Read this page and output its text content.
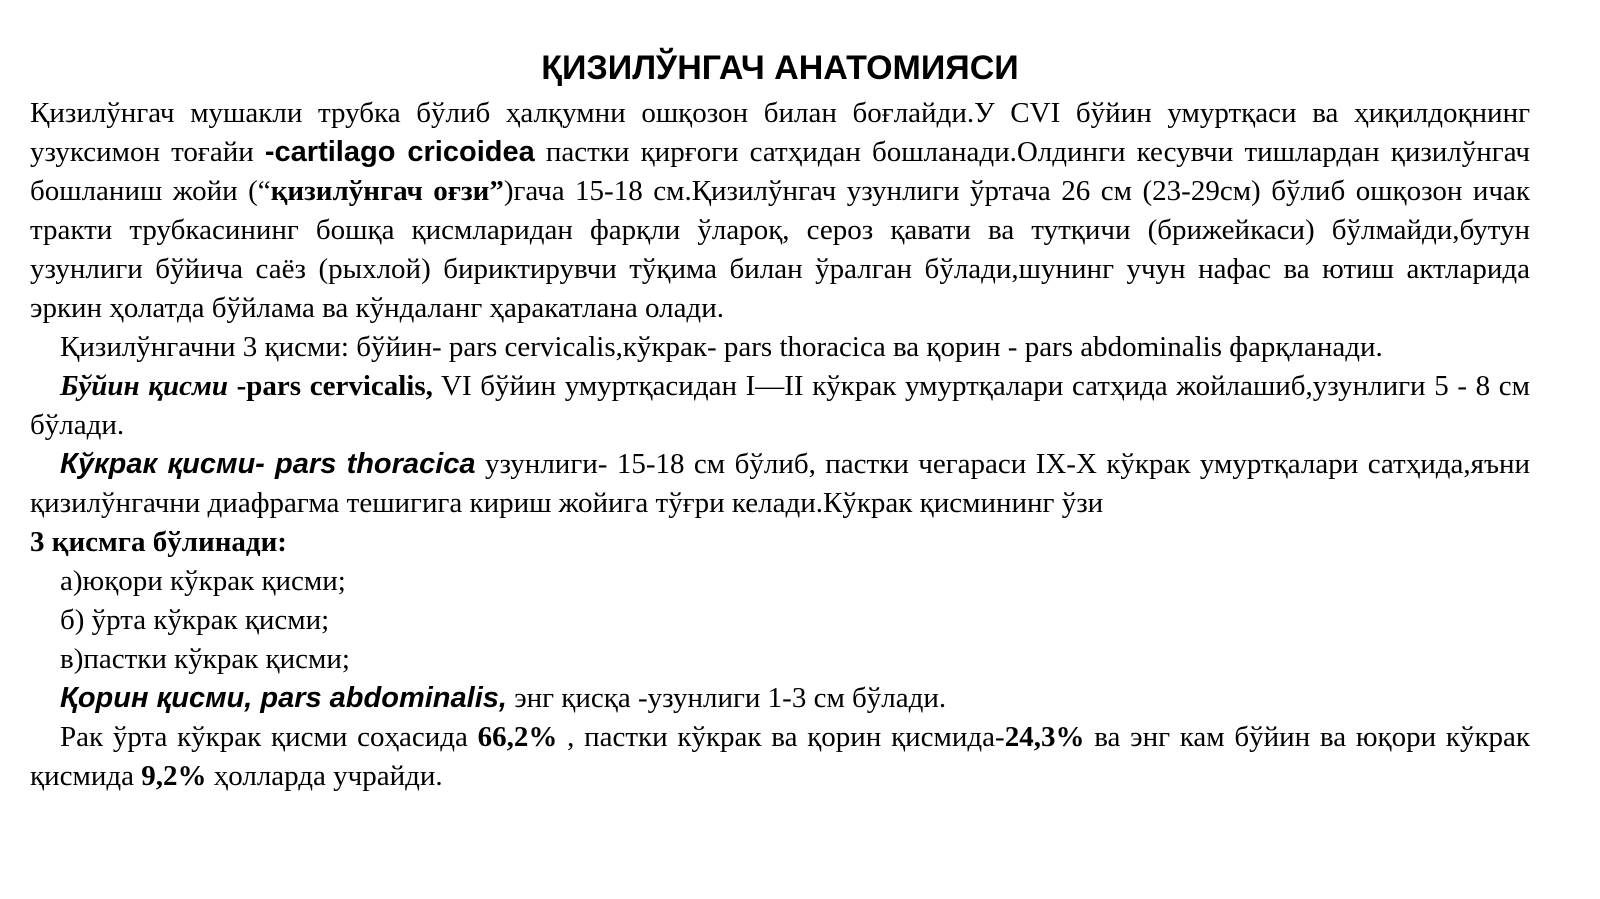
ҚИЗИЛЎНГАЧ АНАТОМИЯСИ

Қизилўнгач мушакли трубка бўлиб ҳалқумни ошқозон билан боғлайди.У CVI бўйин умуртқаси ва ҳиқилдоқнинг узуксимон тоғайи -cartilago cricoidea пастки қирғоги сатҳидан бошланади.Олдинги кесувчи тишлардан қизилўнгач бошланиш жойи (“қизилўнгач оғзи”)гача 15-18 см.Қизилўнгач узунлиги ўртача 26 см (23-29см) бўлиб ошқозон ичак тракти трубкасининг бошқа қисмларидан фарқли ўлароқ, сероз қавати ва тутқичи (брижейкаси) бўлмайди,бутун узунлиги бўйича саёз (рыхлой) бириктирувчи тўқима билан ўралган бўлади,шунинг учун нафас ва ютиш актларида эркин ҳолатда бўйлама ва кўндаланг ҳаракатлана олади.

Қизилўнгачни 3 қисми: бўйин- pars cervicalis,кўкрак- pars thoracica ва қорин - pars abdominalis фарқланади.

Бўйин қисми -pars cervicalis, VI бўйин умуртқасидан I—II кўкрак умуртқалари сатҳида жойлашиб,узунлиги 5 - 8 см бўлади.

Кўкрак қисми- pars thoracica узунлиги- 15-18 см бўлиб, пастки чегараси IX-X кўкрак умуртқалари сатҳида,яъни қизилўнгачни диафрагма тешигига кириш жойига тўғри келади.Кўкрак қисмининг ўзи

3 қисмга бўлинади:

а)юқори кўкрак қисми;

б) ўрта кўкрак қисми;

в)пастки кўкрак қисми;

Қорин қисми, pars abdominalis, энг қисқа -узунлиги 1-3 см бўлади.

Рак ўрта кўкрак қисми соҳасида 66,2% , пастки кўкрак ва қорин қисмида-24,3% ва энг кам бўйин ва юқори кўкрак қисмида 9,2% ҳолларда учрайди.
